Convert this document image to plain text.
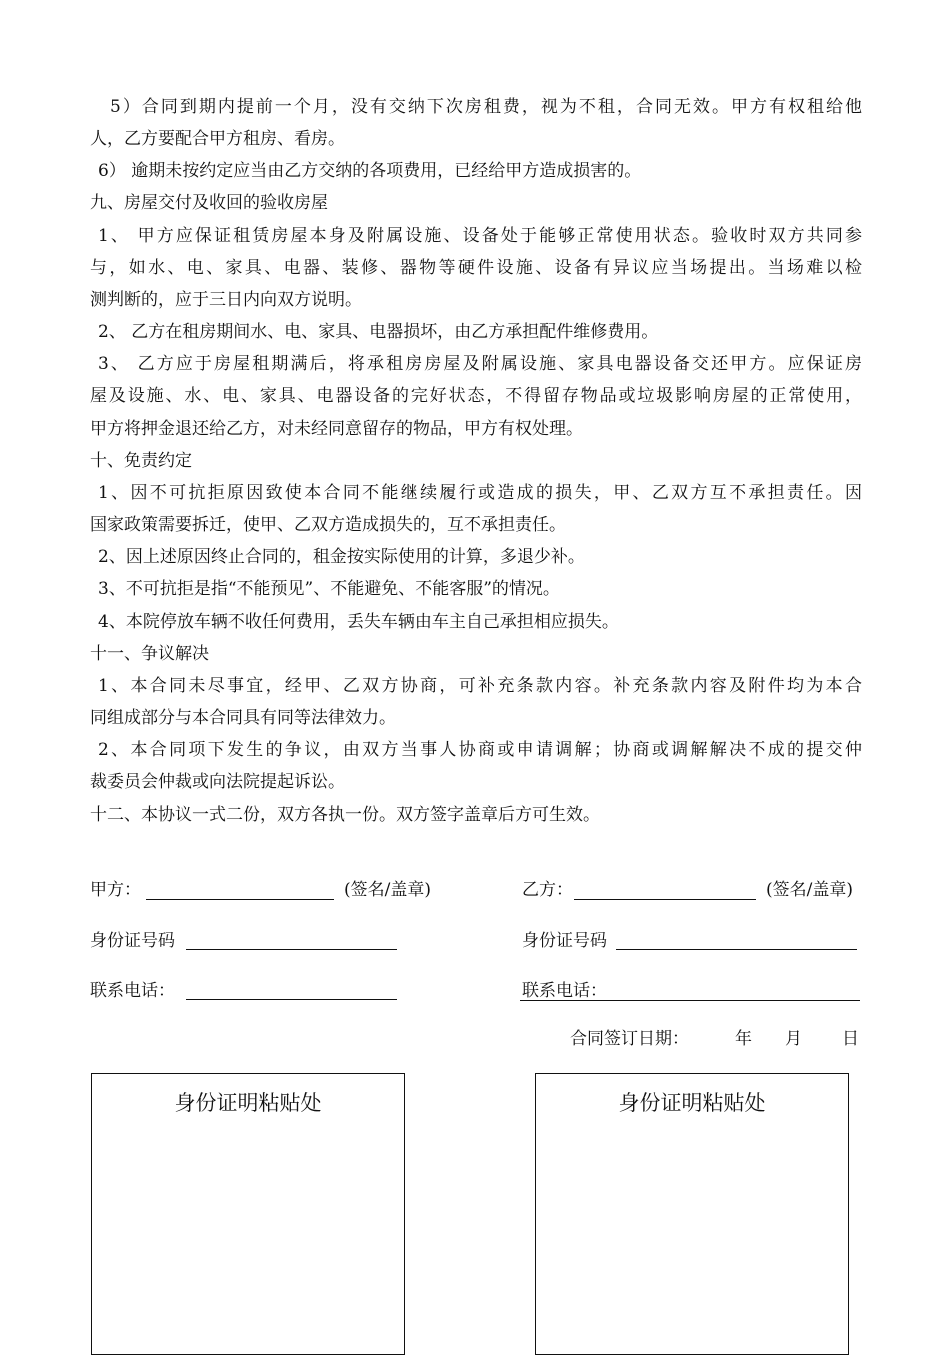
5）合同到期内提前一个月，没有交纳下次房租费，视为不租，合同无效。甲方有权租给他
人，乙方要配合甲方租房、看房。
6） 逾期未按约定应当由乙方交纳的各项费用，已经给甲方造成损害的。
九、房屋交付及收回的验收房屋
1、 甲方应保证租赁房屋本身及附属设施、设备处于能够正常使用状态。验收时双方共同参
与，如水、电、家具、电器、装修、器物等硬件设施、设备有异议应当场提出。当场难以检
测判断的，应于三日内向双方说明。
2、 乙方在租房期间水、电、家具、电器损坏，由乙方承担配件维修费用。
3、 乙方应于房屋租期满后，将承租房房屋及附属设施、家具电器设备交还甲方。应保证房
屋及设施、水、电、家具、电器设备的完好状态，不得留存物品或垃圾影响房屋的正常使用，
甲方将押金退还给乙方，对未经同意留存的物品，甲方有权处理。
十、免责约定
1、因不可抗拒原因致使本合同不能继续履行或造成的损失，甲、乙双方互不承担责任。因
国家政策需要拆迁，使甲、乙双方造成损失的，互不承担责任。
2、因上述原因终止合同的，租金按实际使用的计算，多退少补。
3、不可抗拒是指“不能预见”、不能避免、不能客服”的情况。
4、本院停放车辆不收任何费用，丢失车辆由车主自己承担相应损失。
十一、争议解决
1、本合同未尽事宜，经甲、乙双方协商，可补充条款内容。补充条款内容及附件均为本合
同组成部分与本合同具有同等法律效力。
2、本合同项下发生的争议，由双方当事人协商或申请调解；协商或调解解决不成的提交仲
裁委员会仲裁或向法院提起诉讼。
十二、本协议一式二份，双方各执一份。双方签字盖章后方可生效。
甲方：	(签名/盖章)	乙方：	(签名/盖章)
身份证号码	身份证号码
联系电话：	联系电话：
合同签订日期：	年 月 日
身份证明粘贴处	身份证明粘贴处
